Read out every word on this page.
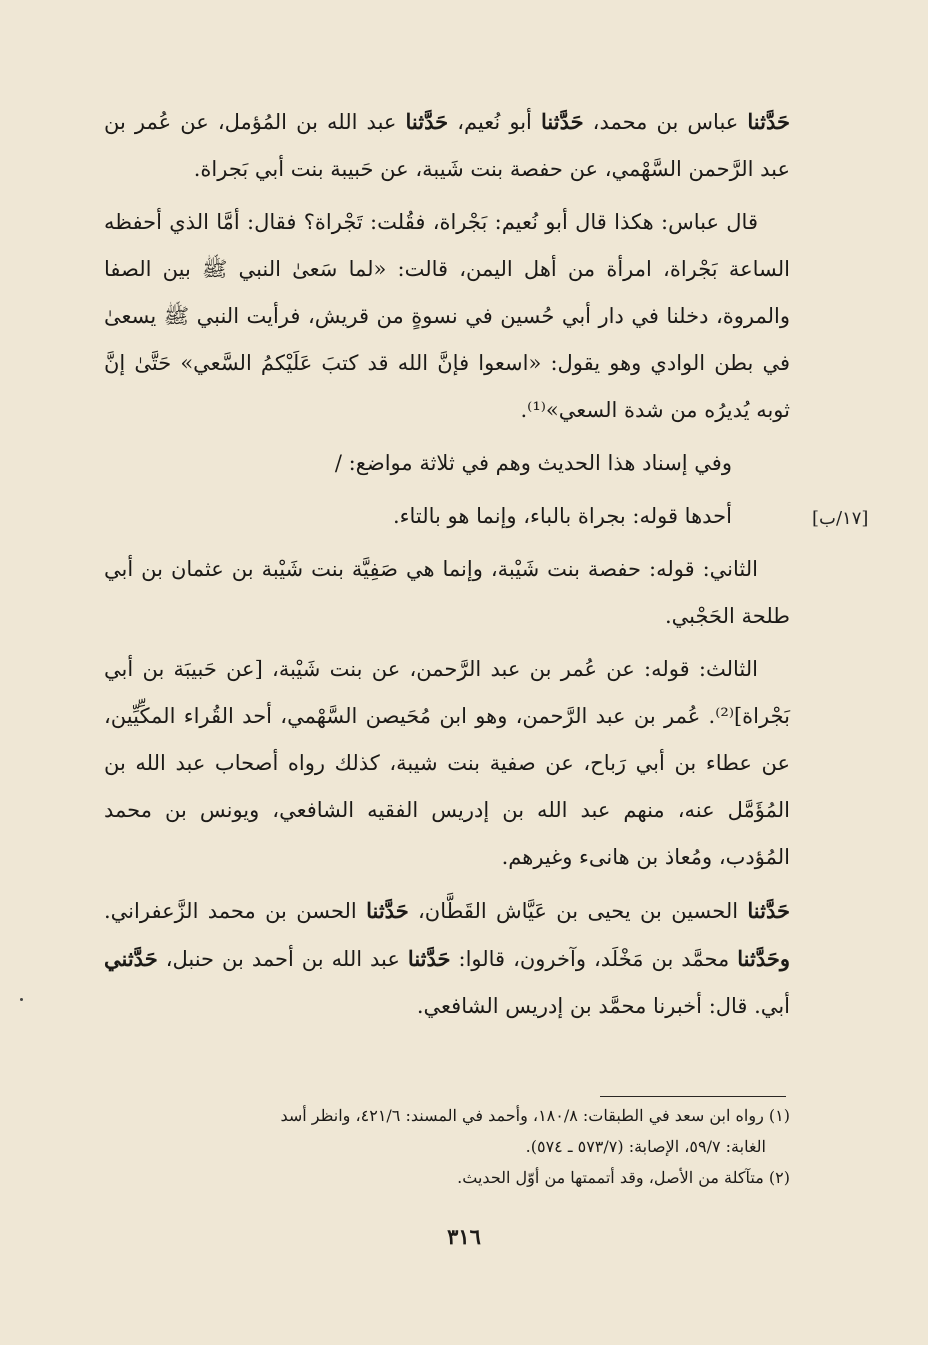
حَدَّثنا عباس بن محمد، حَدَّثنا أبو نُعيم، حَدَّثنا عبد الله بن المُؤمل، عن عُمر بن عبد الرَّحمن السَّهْمي، عن حفصة بنت شَيبة، عن حَبيبة بنت أبي بَجراة.

قال عباس: هكذا قال أبو نُعيم: بَجْراة، فقُلت: تَجْراة؟ فقال: أمَّا الذي أحفظه الساعة بَجْراة، امرأة من أهل اليمن، قالت: «لما سَعىٰ النبي ﷺ بين الصفا والمروة، دخلنا في دار أبي حُسين في نسوةٍ من قريش، فرأيت النبي ﷺ يسعىٰ في بطن الوادي وهو يقول: «اسعوا فإنَّ الله قد كتبَ عَلَيْكمُ السَّعي» حَتَّىٰ إنَّ ثوبه يُديرُه من شدة السعي»⁽¹⁾.

وفي إسناد هذا الحديث وهم في ثلاثة مواضع: /

أحدها قوله: بجراة بالباء، وإنما هو بالتاء.

الثاني: قوله: حفصة بنت شَيْبة، وإنما هي صَفِيَّة بنت شَيْبة بن عثمان بن أبي طلحة الحَجْبي.

الثالث: قوله: عن عُمر بن عبد الرَّحمن، عن بنت شَيْبة، [عن حَبيبَة بن أبي بَجْراة]⁽²⁾. عُمر بن عبد الرَّحمن، وهو ابن مُحَيصن السَّهْمي، أحد القُراء المكِّيِّين، عن عطاء بن أبي رَباح، عن صفية بنت شيبة، كذلك رواه أصحاب عبد الله بن المُؤَمَّل عنه، منهم عبد الله بن إدريس الفقيه الشافعي، ويونس بن محمد المُؤدب، ومُعاذ بن هانىء وغيرهم.

حَدَّثنا الحسين بن يحيى بن عَيَّاش القَطَّان، حَدَّثنا الحسن بن محمد الزَّعفراني. وحَدَّثنا محمَّد بن مَخْلَد، وآخرون، قالوا: حَدَّثنا عبد الله بن أحمد بن حنبل، حَدَّثني أبي. قال: أخبرنا محمَّد بن إدريس الشافعي.

[١٧/ب]

(١) رواه ابن سعد في الطبقات: ١٨٠/٨، وأحمد في المسند: ٤٢١/٦، وانظر أسد

الغابة: ٥٩/٧، الإصابة: (٥٧٣/٧ ـ ٥٧٤).

(٢) متآكلة من الأصل، وقد أتممتها من أوّل الحديث.

٣١٦
